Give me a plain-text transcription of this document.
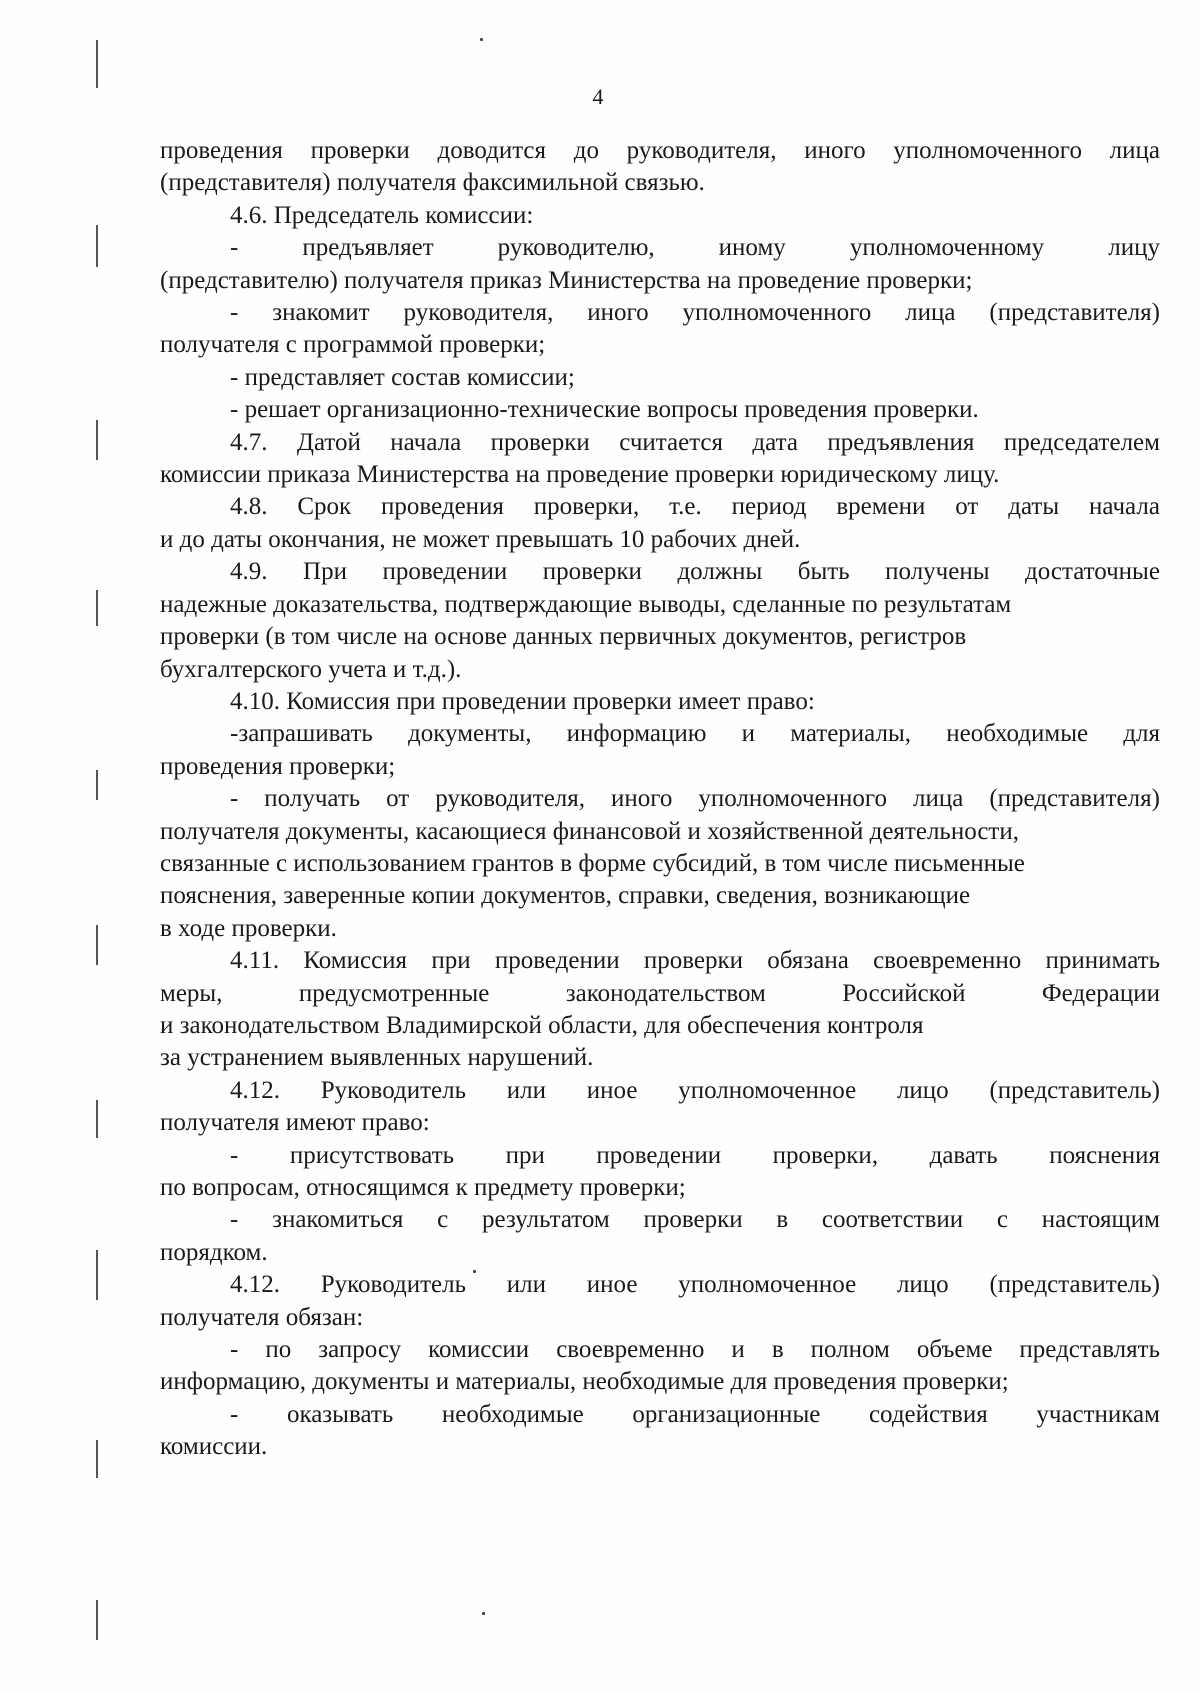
4
проведения проверки доводится до руководителя, иного уполномоченного лица
(представителя) получателя факсимильной связью.
4.6. Председатель комиссии:
-	предъявляет	руководителю,	иному	уполномоченному	лицу
(представителю) получателя приказ Министерства на проведение проверки;
- знакомит руководителя, иного уполномоченного лица (представителя)
получателя с программой проверки;
- представляет состав комиссии;
- решает организационно-технические вопросы проведения проверки.
4.7. Датой начала проверки считается дата предъявления председателем
комиссии приказа Министерства на проведение проверки юридическому лицу.
4.8. Срок проведения проверки, т.е. период времени от даты начала
и до даты окончания, не может превышать 10 рабочих дней.
4.9. При проведении проверки должны быть получены достаточные
надежные доказательства, подтверждающие выводы, сделанные по результатам
проверки (в том числе на основе данных первичных документов, регистров
бухгалтерского учета и т.д.).
4.10. Комиссия при проведении проверки имеет право:
-запрашивать документы, информацию и материалы, необходимые для
проведения проверки;
- получать от руководителя, иного уполномоченного лица (представителя)
получателя документы, касающиеся финансовой и хозяйственной деятельности,
связанные с использованием грантов в форме субсидий, в том числе письменные
пояснения, заверенные копии документов, справки, сведения, возникающие
в ходе проверки.
4.11. Комиссия при проведении проверки обязана своевременно принимать
меры,	предусмотренные	законодательством	Российской	Федерации
и законодательством Владимирской области, для обеспечения контроля
за устранением выявленных нарушений.
4.12. Руководитель или иное уполномоченное лицо (представитель)
получателя имеют право:
- присутствовать при проведении проверки, давать пояснения
по вопросам, относящимся к предмету проверки;
- знакомиться с результатом проверки в соответствии с настоящим
порядком.
4.12. Руководитель или иное уполномоченное лицо (представитель)
получателя обязан:
- по запросу комиссии своевременно и в полном объеме представлять
информацию, документы и материалы, необходимые для проведения проверки;
- оказывать необходимые организационные содействия участникам
комиссии.
